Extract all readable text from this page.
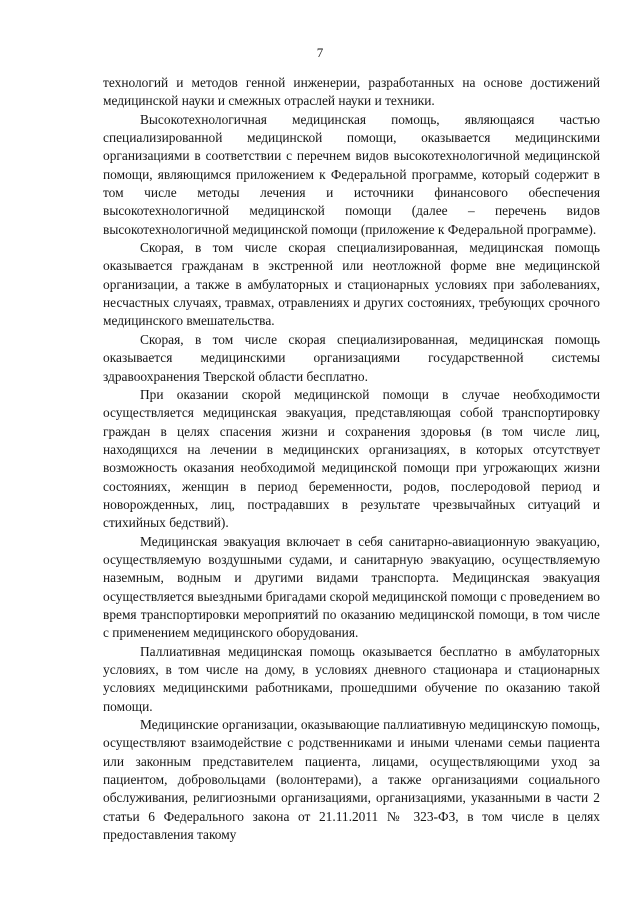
7

технологий и методов генной инженерии, разработанных на основе достижений медицинской науки и смежных отраслей науки и техники.

Высокотехнологичная медицинская помощь, являющаяся частью специализированной медицинской помощи, оказывается медицинскими организациями в соответствии с перечнем видов высокотехнологичной медицинской помощи, являющимся приложением к Федеральной программе, который содержит в том числе методы лечения и источники финансового обеспечения высокотехнологичной медицинской помощи (далее – перечень видов высокотехнологичной медицинской помощи (приложение к Федеральной программе).

Скорая, в том числе скорая специализированная, медицинская помощь оказывается гражданам в экстренной или неотложной форме вне медицинской организации, а также в амбулаторных и стационарных условиях при заболеваниях, несчастных случаях, травмах, отравлениях и других состояниях, требующих срочного медицинского вмешательства.

Скорая, в том числе скорая специализированная, медицинская помощь оказывается медицинскими организациями государственной системы здравоохранения Тверской области бесплатно.

При оказании скорой медицинской помощи в случае необходимости осуществляется медицинская эвакуация, представляющая собой транспортировку граждан в целях спасения жизни и сохранения здоровья (в том числе лиц, находящихся на лечении в медицинских организациях, в которых отсутствует возможность оказания необходимой медицинской помощи при угрожающих жизни состояниях, женщин в период беременности, родов, послеродовой период и новорожденных, лиц, пострадавших в результате чрезвычайных ситуаций и стихийных бедствий).

Медицинская эвакуация включает в себя санитарно-авиационную эвакуацию, осуществляемую воздушными судами, и санитарную эвакуацию, осуществляемую наземным, водным и другими видами транспорта. Медицинская эвакуация осуществляется выездными бригадами скорой медицинской помощи с проведением во время транспортировки мероприятий по оказанию медицинской помощи, в том числе с применением медицинского оборудования.

Паллиативная медицинская помощь оказывается бесплатно в амбулаторных условиях, в том числе на дому, в условиях дневного стационара и стационарных условиях медицинскими работниками, прошедшими обучение по оказанию такой помощи.

Медицинские организации, оказывающие паллиативную медицинскую помощь, осуществляют взаимодействие с родственниками и иными членами семьи пациента или законным представителем пациента, лицами, осуществляющими уход за пациентом, добровольцами (волонтерами), а также организациями социального обслуживания, религиозными организациями, организациями, указанными в части 2 статьи 6 Федерального закона от 21.11.2011 № 323-ФЗ, в том числе в целях предоставления такому
